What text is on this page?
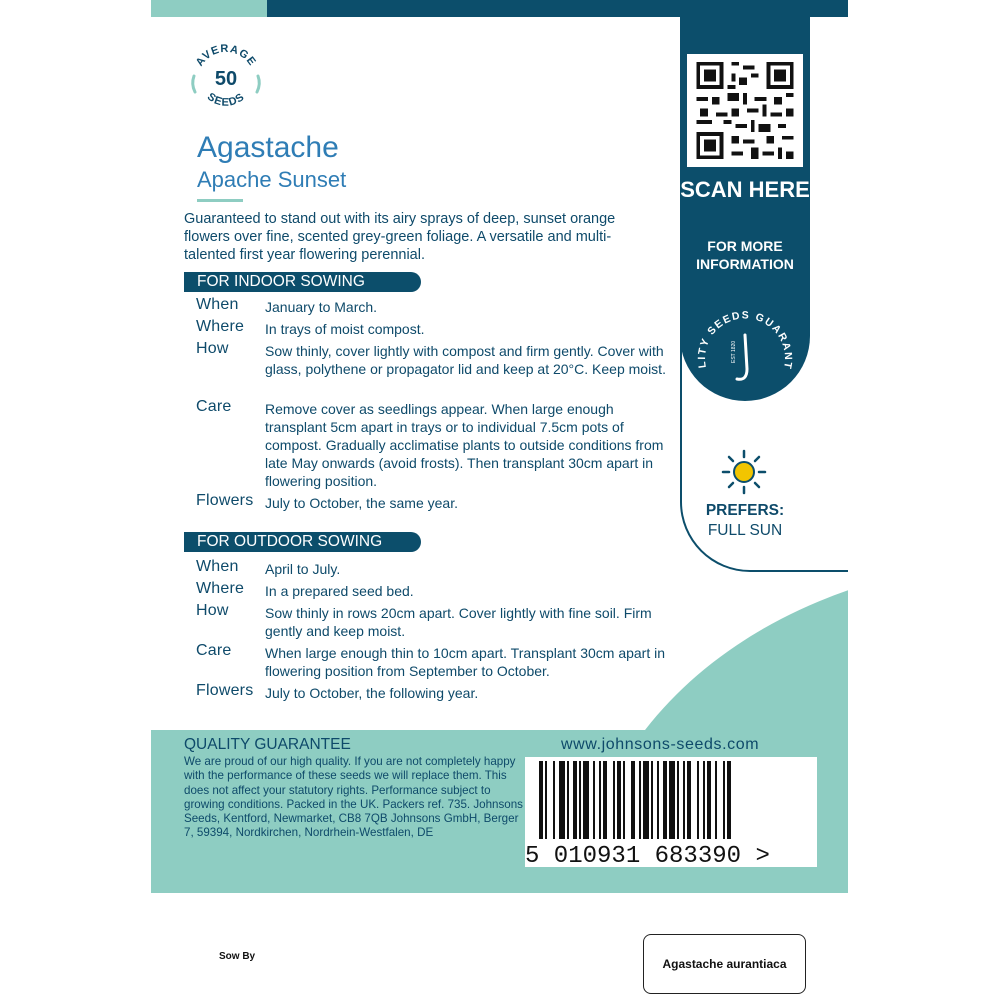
AVERAGE
SEEDS
50
Agastache
Apache Sunset
Guaranteed to stand out with its airy sprays of deep, sunset orange flowers over fine, scented grey-green foliage. A versatile and multi-talented first year flowering perennial.
FOR INDOOR SOWING
When January to March.
Where In trays of moist compost.
How	Sow thinly, cover lightly with compost and firm gently. Cover with glass, polythene or propagator lid and keep at 20°C. Keep moist.
Care Remove cover as seedlings appear. When large enough transplant 5cm apart in trays or to individual 7.5cm pots of compost. Gradually acclimatise plants to outside conditions from late May onwards (avoid frosts). Then transplant 30cm apart in flowering position.
Flowers July to October, the same year.
FOR OUTDOOR SOWING
When April to July.
Where In a prepared seed bed.
How	Sow thinly in rows 20cm apart. Cover lightly with fine soil. Firm gently and keep moist.
Care When large enough thin to 10cm apart. Transplant 30cm apart in flowering position from September to October.
Flowers July to October, the following year.
SCAN HERE
FOR MORE INFORMATION
LITY SEEDS GUARANT
EST 1820
PREFERS:
FULL SUN
QUALITY GUARANTEE
We are proud of our high quality. If you are not completely happy with the performance of these seeds we will replace them. This does not affect your statutory rights. Performance subject to growing conditions. Packed in the UK. Packers ref. 735. Johnsons Seeds, Kentford, Newmarket, CB8 7QB Johnsons GmbH, Berger 7, 59394, Nordkirchen, Nordrhein-Westfalen, DE
www.johnsons-seeds.com
5 010931 683390 >
Sow By
Agastache aurantiaca
